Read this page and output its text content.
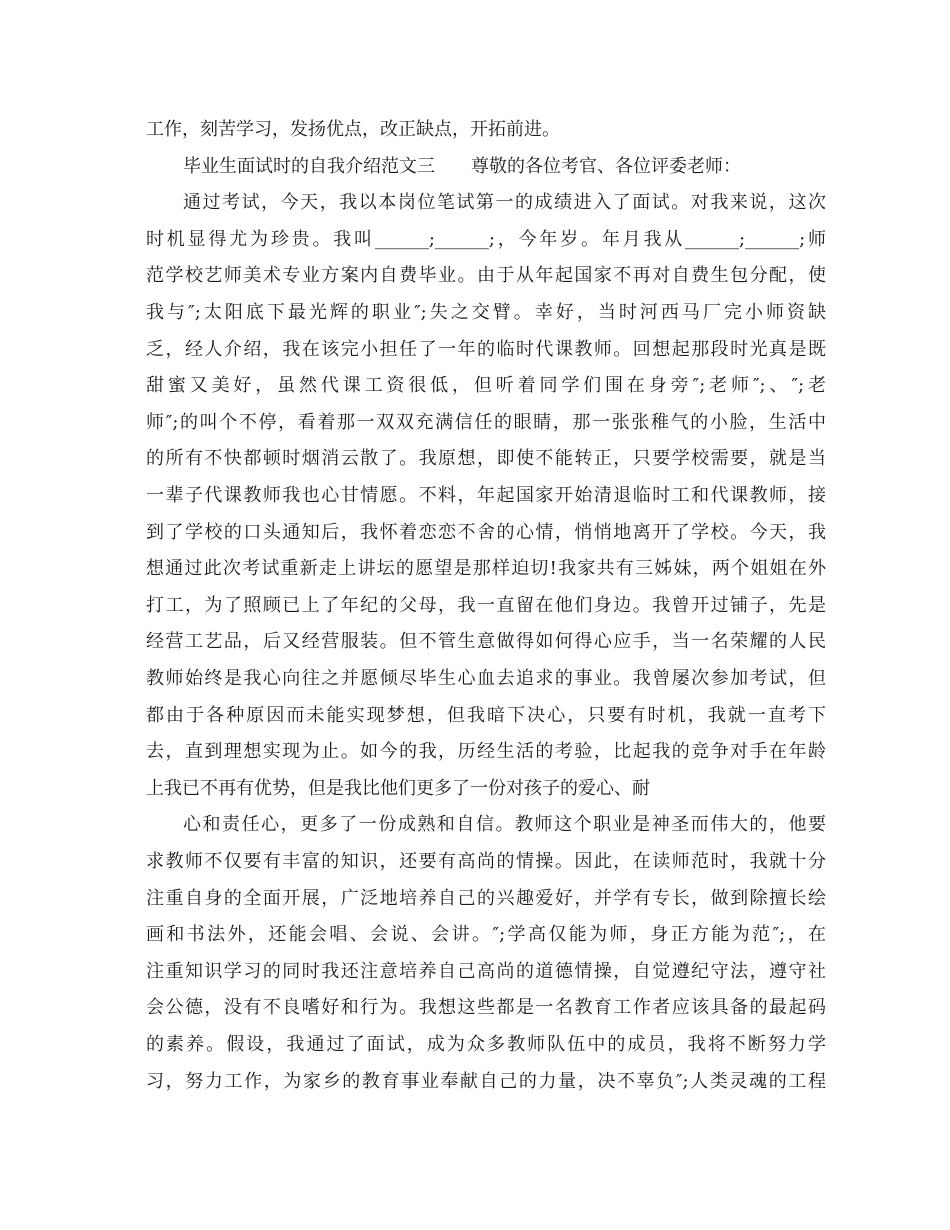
工作，刻苦学习，发扬优点，改正缺点，开拓前进。
毕业生面试时的自我介绍范文三　　尊敬的各位考官、各位评委老师：
通过考试，今天，我以本岗位笔试第一的成绩进入了面试。对我来说，这次
时机显得尤为珍贵。我叫______;______;，今年岁。年月我从______;______;师
范学校艺师美术专业方案内自费毕业。由于从年起国家不再对自费生包分配，使
我与″;太阳底下最光辉的职业″;失之交臂。幸好，当时河西马厂完小师资缺
乏，经人介绍，我在该完小担任了一年的临时代课教师。回想起那段时光真是既
甜蜜又美好，虽然代课工资很低，但听着同学们围在身旁″;老师″;、″;老
师″;的叫个不停，看着那一双双充满信任的眼睛，那一张张稚气的小脸，生活中
的所有不快都顿时烟消云散了。我原想，即使不能转正，只要学校需要，就是当
一辈子代课教师我也心甘情愿。不料，年起国家开始清退临时工和代课教师，接
到了学校的口头通知后，我怀着恋恋不舍的心情，悄悄地离开了学校。今天，我
想通过此次考试重新走上讲坛的愿望是那样迫切!我家共有三姊妹，两个姐姐在外
打工，为了照顾已上了年纪的父母，我一直留在他们身边。我曾开过铺子，先是
经营工艺品，后又经营服装。但不管生意做得如何得心应手，当一名荣耀的人民
教师始终是我心向往之并愿倾尽毕生心血去追求的事业。我曾屡次参加考试，但
都由于各种原因而未能实现梦想，但我暗下决心，只要有时机，我就一直考下
去，直到理想实现为止。如今的我，历经生活的考验，比起我的竞争对手在年龄
上我已不再有优势，但是我比他们更多了一份对孩子的爱心、耐
心和责任心，更多了一份成熟和自信。教师这个职业是神圣而伟大的，他要
求教师不仅要有丰富的知识，还要有高尚的情操。因此，在读师范时，我就十分
注重自身的全面开展，广泛地培养自己的兴趣爱好，并学有专长，做到除擅长绘
画和书法外，还能会唱、会说、会讲。″;学高仅能为师，身正方能为范″;，在
注重知识学习的同时我还注意培养自己高尚的道德情操，自觉遵纪守法，遵守社
会公德，没有不良嗜好和行为。我想这些都是一名教育工作者应该具备的最起码
的素养。假设，我通过了面试，成为众多教师队伍中的成员，我将不断努力学
习，努力工作，为家乡的教育事业奉献自己的力量，决不辜负″;人类灵魂的工程
